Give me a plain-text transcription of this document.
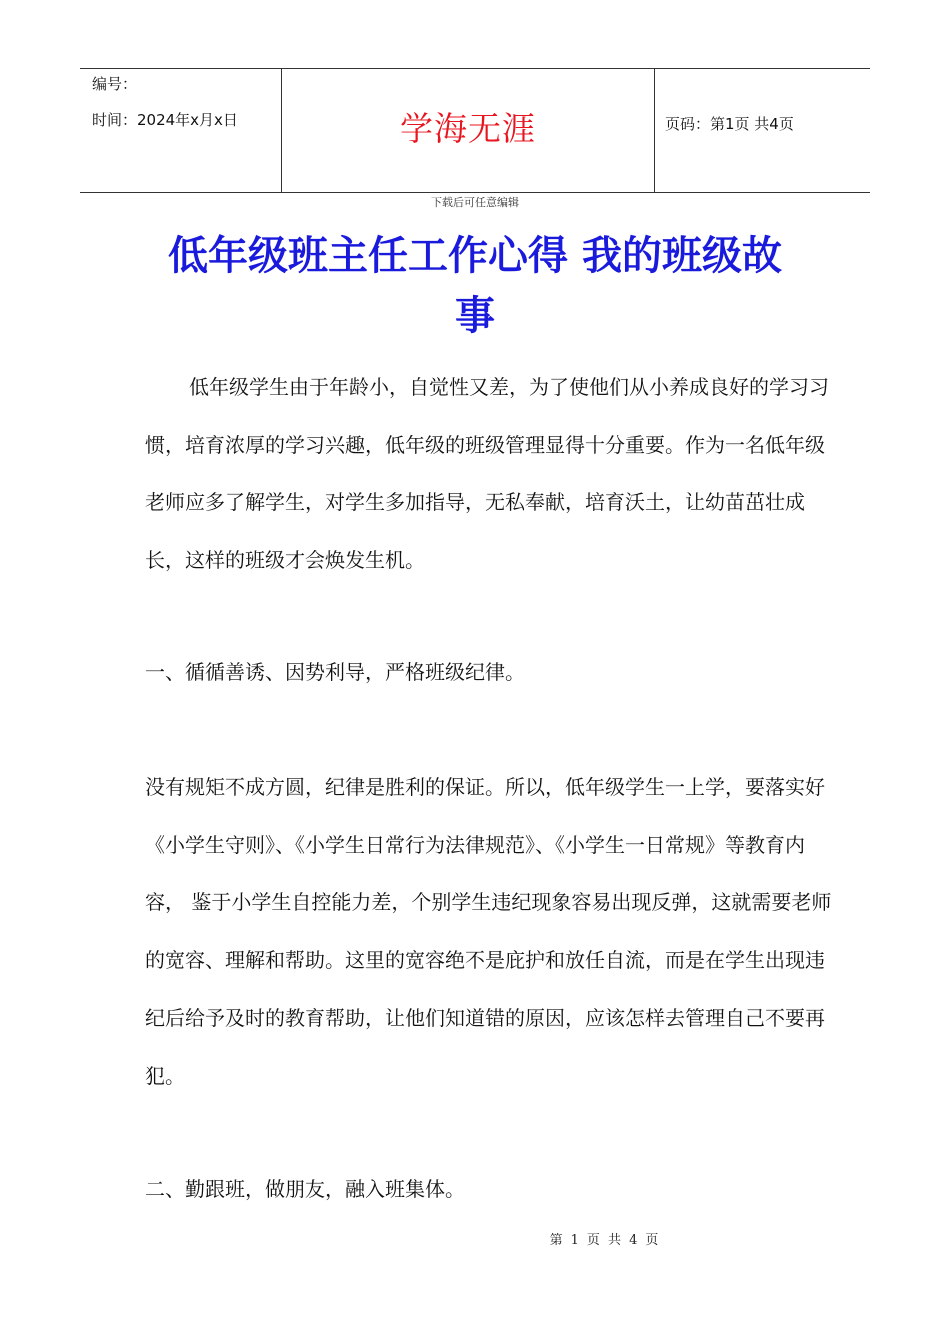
编号：
时间：2024年x月x日	学海无涯	页码：第1页 共4页
下载后可任意编辑
低年级班主任工作心得 我的班级故
事
低年级学生由于年龄小，自觉性又差，为了使他们从小养成良好的学习习惯，培育浓厚的学习兴趣，低年级的班级管理显得十分重要。作为一名低年级老师应多了解学生，对学生多加指导，无私奉献，培育沃土，让幼苗茁壮成长，这样的班级才会焕发生机。
一、循循善诱、因势利导，严格班级纪律。
没有规矩不成方圆，纪律是胜利的保证。所以，低年级学生一上学，要落实好《小学生守则》、《小学生日常行为法律规范》、《小学生一日常规》等教育内容， 鉴于小学生自控能力差，个别学生违纪现象容易出现反弹，这就需要老师的宽容、理解和帮助。这里的宽容绝不是庇护和放任自流，而是在学生出现违纪后给予及时的教育帮助，让他们知道错的原因，应该怎样去管理自己不要再犯。
二、勤跟班，做朋友，融入班集体。
第 1 页 共 4 页
